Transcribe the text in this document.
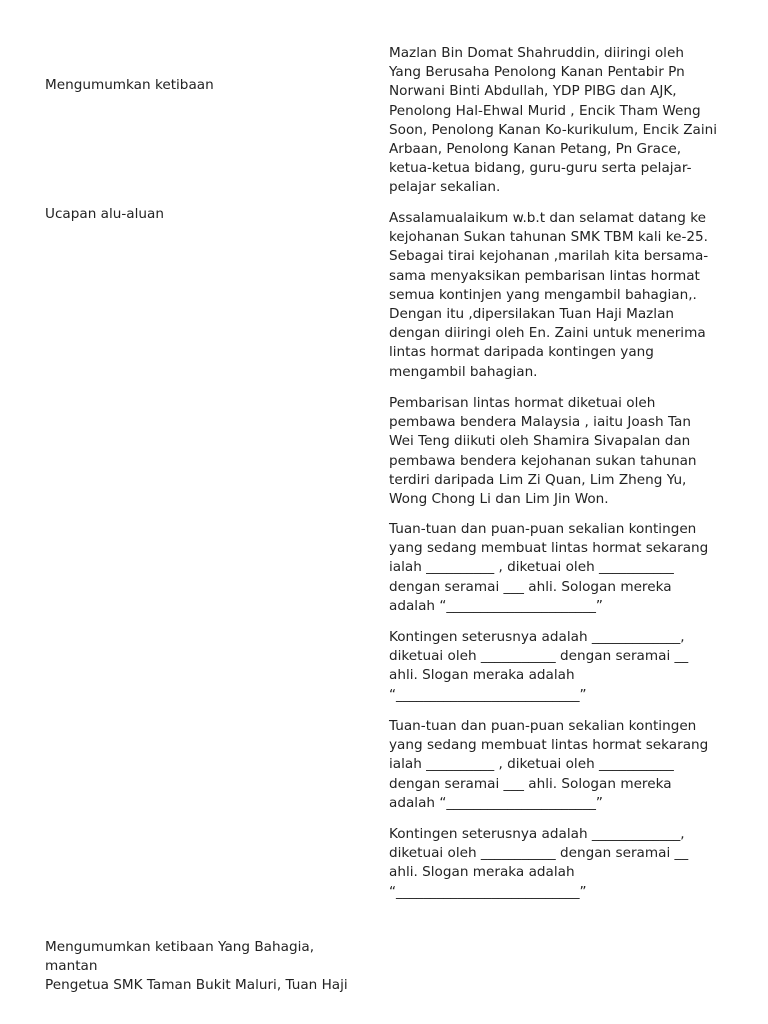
Mengumumkan ketibaan
Ucapan alu-aluan
Mengumumkan ketibaan Yang Bahagia, mantan
Pengetua SMK Taman Bukit Maluri, Tuan Haji

Mazlan Bin Domat Shahruddin, diiringi oleh
Yang Berusaha Penolong Kanan Pentabir Pn
Norwani Binti Abdullah, YDP PIBG dan AJK,
Penolong Hal-Ehwal Murid , Encik Tham Weng
Soon, Penolong Kanan Ko-kurikulum, Encik Zaini
Arbaan, Penolong Kanan Petang, Pn Grace,
ketua-ketua bidang, guru-guru serta pelajar-
pelajar sekalian.

Assalamualaikum w.b.t dan selamat datang ke
kejohanan Sukan tahunan SMK TBM kali ke-25.
Sebagai tirai kejohanan ,marilah kita bersama-
sama menyaksikan pembarisan lintas hormat
semua kontinjen yang mengambil bahagian,.
Dengan itu ,dipersilakan Tuan Haji Mazlan
dengan diiringi oleh En. Zaini untuk menerima
lintas hormat daripada kontingen yang
mengambil bahagian.

Pembarisan lintas hormat diketuai oleh
pembawa bendera Malaysia , iaitu Joash Tan
Wei Teng diikuti oleh Shamira Sivapalan dan
pembawa bendera kejohanan sukan tahunan
terdiri daripada Lim Zi Quan, Lim Zheng Yu,
Wong Chong Li dan Lim Jin Won.

Tuan-tuan dan puan-puan sekalian kontingen
yang sedang membuat lintas hormat sekarang
ialah __________ , diketuai oleh ___________
dengan seramai ___ ahli. Sologan mereka
adalah “______________________”

Kontingen seterusnya adalah _____________,
diketuai oleh ___________ dengan seramai __
ahli. Slogan meraka adalah
“___________________________”

Tuan-tuan dan puan-puan sekalian kontingen
yang sedang membuat lintas hormat sekarang
ialah __________ , diketuai oleh ___________
dengan seramai ___ ahli. Sologan mereka
adalah “______________________”

Kontingen seterusnya adalah _____________,
diketuai oleh ___________ dengan seramai __
ahli. Slogan meraka adalah
“___________________________”
